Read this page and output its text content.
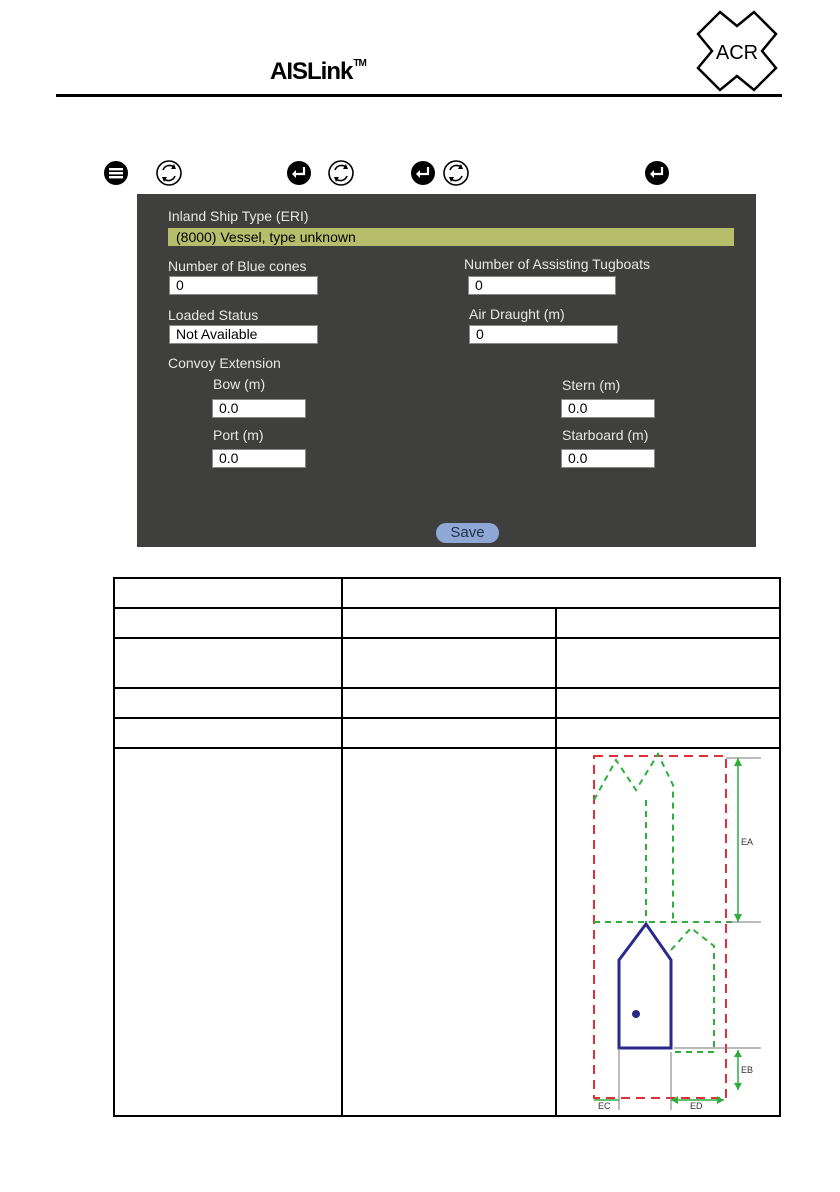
AISLink™	ACR
Inland Ship Type (ERI)
(8000) Vessel, type unknown
Number of Blue cones
0
Number of Assisting Tugboats
0
Loaded Status
Not Available
Air Draught (m)
0
Convoy Extension
Bow (m)
0.0
Stern (m)
0.0
Port (m)
0.0
Starboard (m)
0.0
Save
EA
EB
EC	ED
